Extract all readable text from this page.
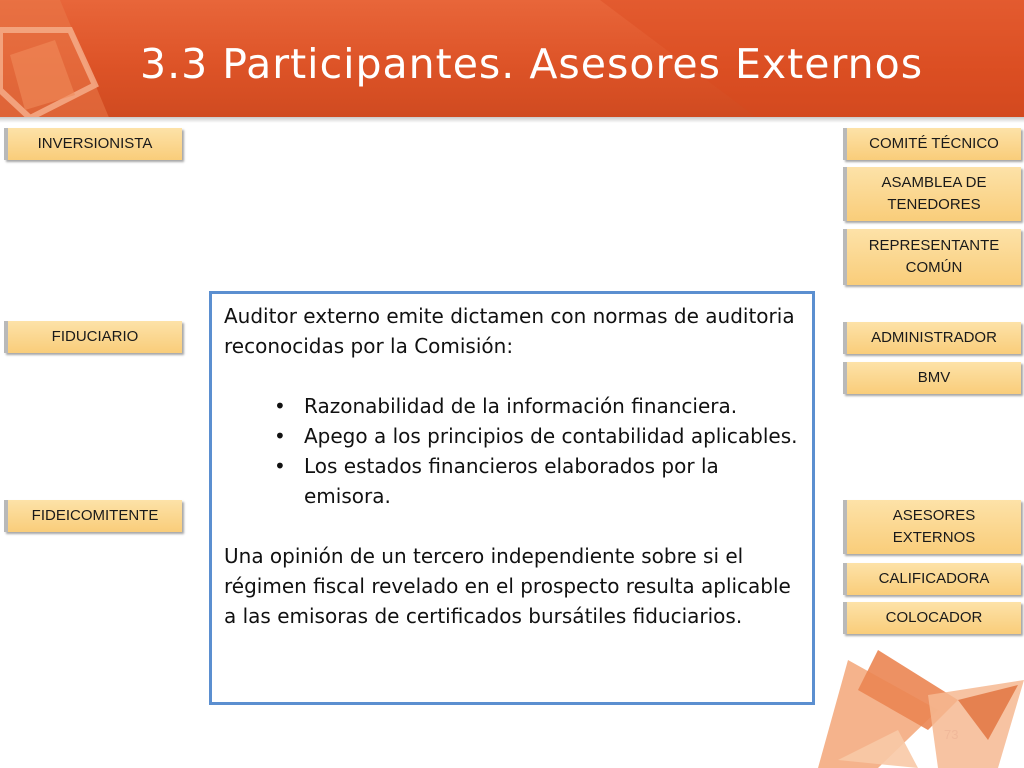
3.3 Participantes. Asesores Externos
INVERSIONISTA
FIDUCIARIO
FIDEICOMITENTE
COMITÉ TÉCNICO
ASAMBLEA DE
TENEDORES
REPRESENTANTE
COMÚN
ADMINISTRADOR
BMV
ASESORES
EXTERNOS
CALIFICADORA
COLOCADOR

Auditor externo emite dictamen con normas de auditoria reconocidas por la Comisión:

• Razonabilidad de la información financiera.
• Apego a los principios de contabilidad aplicables.
• Los estados financieros elaborados por la emisora.

Una opinión de un tercero independiente sobre si el régimen fiscal revelado en el prospecto resulta aplicable a las emisoras de certificados bursátiles fiduciarios.

73
